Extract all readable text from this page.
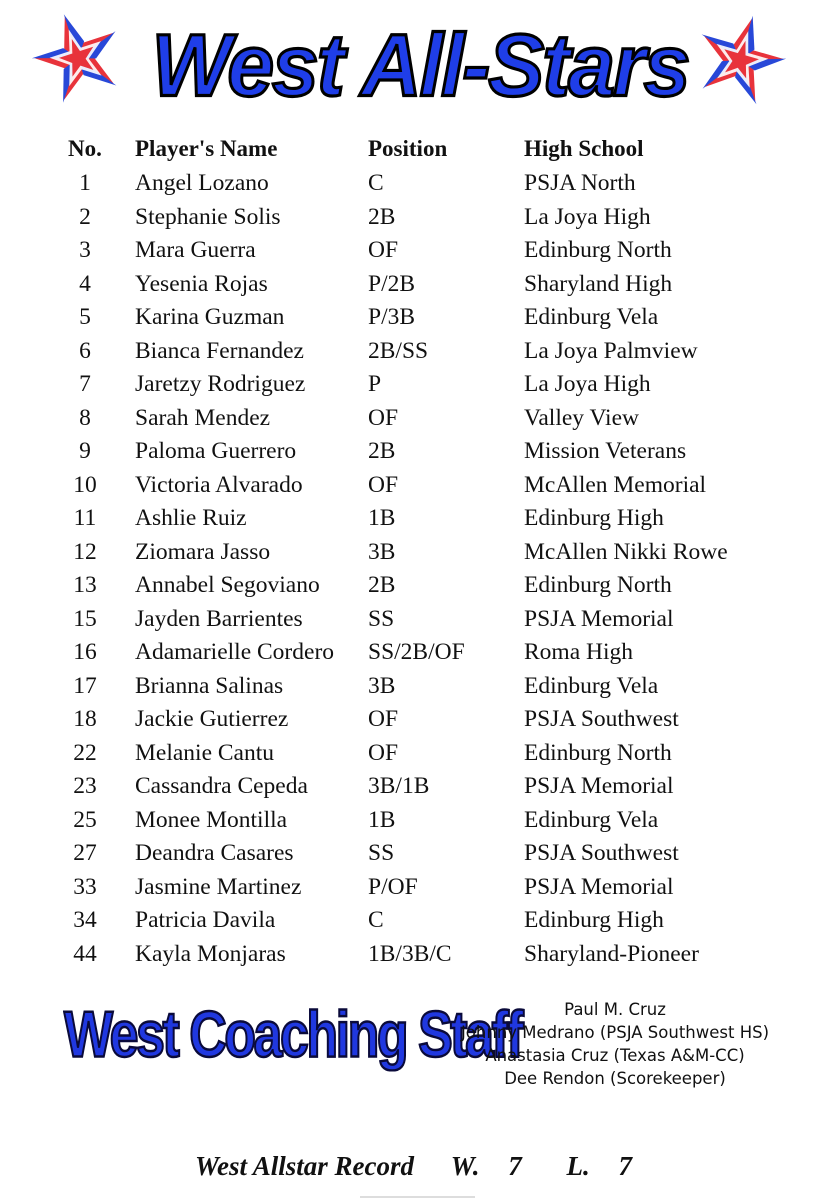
West All-Stars
No. Player's Name	Position	High School
1	Angel Lozano	C	PSJA North
2	Stephanie Solis	2B	La Joya High
3	Mara Guerra	OF	Edinburg North
4	Yesenia Rojas	P/2B	Sharyland High
5	Karina Guzman	P/3B	Edinburg Vela
6	Bianca Fernandez	2B/SS	La Joya Palmview
7	Jaretzy Rodriguez	P	La Joya High
8	Sarah Mendez	OF	Valley View
9	Paloma Guerrero	2B	Mission Veterans
10	Victoria Alvarado	OF	McAllen Memorial
11	Ashlie Ruiz	1B	Edinburg High
12	Ziomara Jasso	3B	McAllen Nikki Rowe
13	Annabel Segoviano 2B	Edinburg North
15	Jayden Barrientes	SS	PSJA Memorial
16	Adamarielle Cordero SS/2B/OF	Roma High
17	Brianna Salinas	3B	Edinburg Vela
18	Jackie Gutierrez	OF	PSJA Southwest
22	Melanie Cantu	OF	Edinburg North
23	Cassandra Cepeda	3B/1B	PSJA Memorial
25	Monee Montilla	1B	Edinburg Vela
27	Deandra Casares	SS	PSJA Southwest
33	Jasmine Martinez	P/OF	PSJA Memorial
34	Patricia Davila	C	Edinburg High
44	Kayla Monjaras	1B/3B/C	Sharyland-Pioneer
West Coaching Staff	Paul M. Cruz
Johnny Medrano (PSJA Southwest HS)
Anastasia Cruz (Texas A&M-CC)
Dee Rendon (Scorekeeper)
West Allstar Record W. 7 L. 7
